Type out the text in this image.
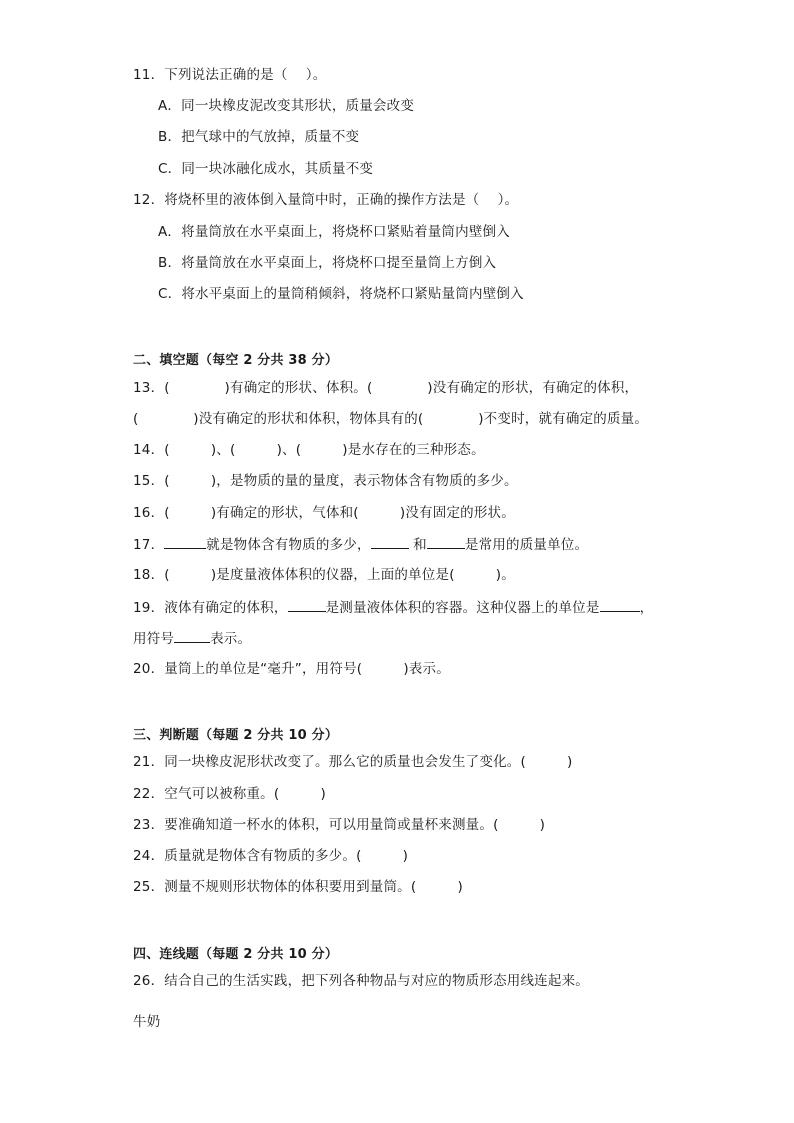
11．下列说法正确的是（　 ）。
A．同一块橡皮泥改变其形状，质量会改变
B．把气球中的气放掉，质量不变
C．同一块冰融化成水，其质量不变
12．将烧杯里的液体倒入量筒中时，正确的操作方法是（　 ）。
A．将量筒放在水平桌面上，将烧杯口紧贴着量筒内壁倒入
B．将量筒放在水平桌面上，将烧杯口提至量筒上方倒入
C．将水平桌面上的量筒稍倾斜，将烧杯口紧贴量筒内壁倒入
二、填空题（每空 2 分共 38 分）
13．(　　　　)有确定的形状、体积。(　　　　)没有确定的形状，有确定的体积，
(　　　　)没有确定的形状和体积，物体具有的(　　　　)不变时，就有确定的质量。
14．(　　　)、(　　　)、(　　　)是水存在的三种形态。
15．(　　　)，是物质的量的量度，表示物体含有物质的多少。
16．(　　　)有确定的形状，气体和(　　　)没有固定的形状。
17．	就是物体含有物质的多少，	和	是常用的质量单位。
18．(　　　)是度量液体体积的仪器，上面的单位是(　　　)。
19．液体有确定的体积，	是测量液体体积的容器。这种仪器上的单位是	，
用符号	表示。
20．量筒上的单位是“毫升”，用符号(　　　)表示。
三、判断题（每题 2 分共 10 分）
21．同一块橡皮泥形状改变了。那么它的质量也会发生了变化。(　　　)
22．空气可以被称重。(　　　)
23．要准确知道一杯水的体积，可以用量筒或量杯来测量。(　　　)
24．质量就是物体含有物质的多少。(　　　)
25．测量不规则形状物体的体积要用到量筒。(　　　)
四、连线题（每题 2 分共 10 分）
26．结合自己的生活实践，把下列各种物品与对应的物质形态用线连起来。
牛奶
